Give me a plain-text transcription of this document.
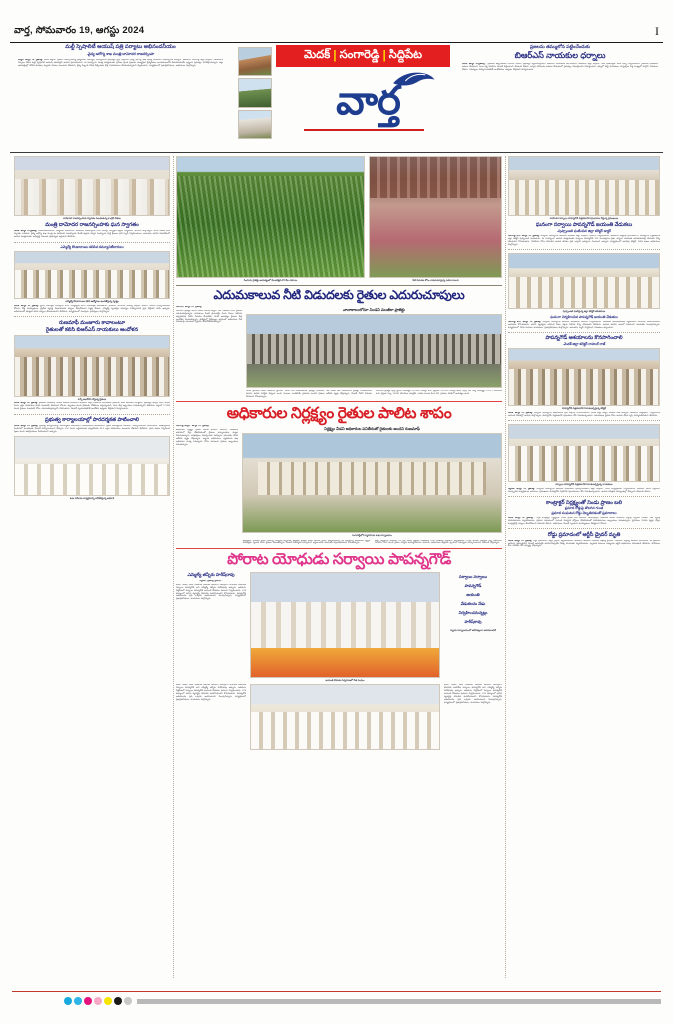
వార్త, సోమవారం 19, ఆగస్టు 2024	I
మల్టీ స్పెషాలిటీ ఆయుష్ పత్రి పర్యాటు అభినందనీయం
-వైద్య ఆరోగ్య శాఖ మంత్రి దామోదర రాజనర్సింహ
న్యూస్‌, ఆగస్టు 18, ప్రజాశక్తి: మెదక్‌ జిల్లాలో ప్రజలు ఎదుర్కొంటున్న వైద్యసేవల సమస్యల పరిష్కారానికి ప్రభుత్వం కృషి చేస్తోందని వైద్య ఆరోగ్య శాఖ మంత్రి దామోదర రాజనర్సింహ అన్నారు. ఆదివారం సంగారెడ్డి జిల్లా కేంద్రంలో నూతనంగా ఏర్పాటు చేసిన మల్టీ స్పెషాలిటీ ఆయుష్ ఆసుపత్రిని ఆయన ప్రారంభించారు. ఈ సందర్భంగా మంత్రి మాట్లాడుతూ గ్రామీణ ప్రాంత ప్రజలకు నాణ్యమైన వైద్యసేవలు అందుబాటులోకి తీసుకురావడమే లక్ష్యంగా ప్రభుత్వం పనిచేస్తోందన్నారు. జిల్లా ఆసుపత్రుల్లో మౌలిక వసతుల కల్పనకు నిధులు మంజూరు చేశామని, వైద్య సిబ్బంది కొరత తీర్చేందుకు కొత్త నియామకాలు చేపడుతున్నామని వెల్లడించారు. కార్యక్రమంలో ప్రజాప్రతినిధులు, అధికారులు పాల్గొన్నారు.
మెదక్ | సంగారెడ్డి | సిద్దిపేట
వార్త
ప్రజలను తమ్ములోన పట్టించేందుకు
బిఆర్ఎస్ నాయకుల ధర్నాలు
మెదక్‌, ఆగస్టు 18,ప్రజాశక్తి : ప్రజలను ఇబ్బందులకు గురిచేసే విధంగా ప్రభుత్వం వ్యవహరిస్తోందని బిఆర్ఎస్ నాయకులు ఆరోపించారు. ఆదివారం జిల్లా కేంద్రంలో పలు డిమాండ్లతో వారు ధర్నా నిర్వహించారు. రైతులకు రుణమాఫీ అమలు చేయాలని, పంట నష్ట పరిహారం వెంటనే చెల్లించాలని డిమాండ్‌ చేశారు. ఇచ్చిన హామీలను అమలు చేయడంలో ప్రభుత్వం విఫలమైందని విమర్శించారు. ధర్నాలో పార్టీ నాయకులు, కార్యకర్తలు పెద్ద సంఖ్యలో పాల్గొని నినాదాలు చేశారు. సమస్యలు పరిష్కరించకపోతే ఆందోళనలు ఉధృతం చేస్తామని హెచ్చరించారు.
దామోదర రాజనర్సింహకు స్వాగతం పలుకుతున్న కాంగ్రెస్‌ నేతలు
మంత్రి దామోదర రాజనర్సింహకు ఘన స్వాగతం
మెదక్‌, ఆగస్టు 18,ప్రజాశక్తి: సమావేశమందిరంలో న్యూనతా మందిరంలో దామోదర రాజనర్సింహ గారు సిరిసిల్ల ఏర్పాటైన జిల్లాల పర్యటనలో భాగంగా పాల్గొన్నారు. వారికి నేతలు ఘన స్వాగతం పలికారు. వైద్య ఆరోగ్య శాఖ మంత్రి ఈ దామోదర రాజనర్సింహ మెదక్‌ జిల్లాకు వచ్చిన సందర్భంగా పార్టీ శ్రేణులు భారీ ర్యాలీ నిర్వహించాయి. అనంతరం జరిగిన సమావేశంలో ఆయన మాట్లాడుతూ అభివృద్ధి పనులకు ప్రాధాన్యత ఇస్తామని తెలిపారు.
ఎమ్మెల్యే కొండాదాంబు కలిసిన కమ్యూనిటీదారులు
ఎమ్మెల్యే కొండాదాంబు కలిసి ఉద్యోగుల అందజేస్తున్న దృశ్యం
మెదక్‌, ఆగస్టు 18, ప్రజాశక్తి: స్థానిక సమస్యల పరిష్కారం కోసం ఎమ్మెల్యేను కలిసి వినతిపత్రం అందజేశారు. గ్రామంలో తాగునీటి సమస్య తీవ్రంగా ఉందని, వెంటనే పరిష్కరించాలని కోరారు. రోడ్ల మరమ్మతులు, డ్రైనేజీ వ్యవస్థ మెరుగుదలకు చర్యలు తీసుకోవాలని విజ్ఞప్తి చేశారు. ఎమ్మెల్యే స్పందిస్తూ సమస్యల పరిష్కారానికి కృషి చేస్తానని హామీ ఇచ్చారు. అధికారులతో మాట్లాడి తగిన చర్యలు తీసుకుంటానని తెలిపారు. కార్యక్రమంలో పలువురు గ్రామస్తులు పాల్గొన్నారు.
రుణమాఫీ మంజూరు కావాలంటూ
రైతులతో కలిసి బిఆర్ఎస్ నాయకులు ఆందోళన
కాన్సీ ఆందోళన చేస్తున్న రైతులు
మెదక్‌, ఆగస్టు 18, ప్రజాశక్తి: రైతులకు రుణమాఫీ వెంటనే అమలు చేయాలని డిమాండ్‌ చేస్తూ బిఆర్ఎస్ నాయకులు రైతులతో కలిసి ఆందోళన చేపట్టారు. ప్రభుత్వం ఇచ్చిన హామీ మేరకు రెండు లక్షల రూపాయల వరకు రుణమాఫీ చేయాలని కోరారు. బ్యాంకుల నుంచి రైతులకు నోటీసులు వస్తున్నాయని, వారు తీవ్ర ఇబ్బందులు పడుతున్నారని తెలిపారు. జిల్లాలో 17,993 మంది రైతులు రుణమాఫీ కోసం ఎదురుచూస్తున్నారని వివరించారు. వెంటనే స్పందించకపోతే ఆందోళన ఉధృతం చేస్తామని హెచ్చరించారు.
ప్రభుత్వ కార్యాలయాల్లో పారదర్శకత పాటించాలి
మెదక్‌, ఆగస్టు 18, ప్రజాశక్తి: ప్రభుత్వ కార్యాలయాల్లో పారదర్శకత పాటించాలని అధికారులను ఆదేశించారు. ప్రజల సమస్యలను సకాలంలో పరిష్కరించాలని సూచించారు. దరఖాస్తులను పెండింగ్‌లో ఉంచకుండా వెంటనే పరిష్కరించాలని చెప్పారు. 410 మంది లబ్ధిదారులకు ఇప్పటివరకు 60.3 లక్షల రూపాయలు మంజూరు చేశామని తెలిపారు. గ్రామ సభలు నిర్వహించి ప్రజల నుంచి అభిప్రాయాలు సేకరించాలని అన్నారు.
ఓటు నమోదు కార్యక్రమాన్ని పరిశీలిస్తున్న అధికారి
సింగూరు ప్రాజెక్టు ఆయకట్టులో మొలకెత్తిన 20 వేల ఎకరాలు	నీటి విడుదల కోసం ఎదురుచూస్తున్న ఎడమ కాలువ
ఎదుమకాలువ నీటి విడుదలకు రైతుల ఎదురుచూపులు
సింగూరు, ఆగస్టు 18, ప్రజాశక్తి
సింగూరు ప్రాజెక్టు నుంచి ఎడమ కాలువ ద్వారా నీటి విడుదల కోసం రైతులు ఎదురుచూస్తున్నారు. వానాకాలం సీజన్‌ ప్రారంభమై రెండు నెలలు గడిచినా ఇప్పటివరకు నీటిని విడుదల చేయలేదు. దీంతో ఆయకట్టు రైతులు తీవ్ర ఆందోళన చెందుతున్నారు. ప్రాజెక్టులో నీటిమట్టం తగ్గడంతో అధికారులు నీటి విడుదలపై ఎటువంటి నిర్ణయం తీసుకోలేకపోతున్నారు.
వానాకాలంలోనూ నిండని మంజీరా ప్రాజెక్టు
ఎగువ ప్రాంతాల నుంచి ఆశించిన స్థాయిలో వరద నీరు రాకపోవడంతో ప్రాజెక్టు నిండలేదు. గత ఏడాది ఇదే సమయానికి ప్రాజెక్టు నిండుకుండలా మారగా ఈసారి పరిస్థితి భిన్నంగా ఉంది. పంటలు ఎండిపోయే ప్రమాదం ఉందని రైతులు ఆవేదన వ్యక్తం చేస్తున్నారు. వెంటనే నీటిని విడుదల చేయాలని కోరుతున్నారు.
సింగూరు ప్రాజెక్టు పూర్తి స్థాయి నీటిమట్టం 523.600 మీటర్లు కాగా ప్రస్తుతం 519.990 మీటర్లు ఉంది. పూర్తి నీటి నిల్వ సామర్థ్యం 29.917 టీఎంసీలు కాగా ప్రస్తుత నిల్వ 14.891 టీఎంసీలు మాత్రమే. ఎడమ కాలువ కింద 391 గ్రామాల పరిధిలో ఆయకట్టు ఉంది.
అధికారుల నిర్లక్ష్యం రైతుల పాలిట శాపం
సంగారెడ్డి బ్యూరో, ఆగస్టు 18, ప్రజాశక్తి:
అధికారుల నిర్లక్ష్యం రైతుల పాలిట శాపంగా మారింది. రుణమాఫీ జాబితాలో పేర్లు లేకపోవడంతో రైతులు కార్యాలయాల చుట్టూ తిరుగుతున్నారు. దరఖాస్తులు సమర్పించినా పరిష్కారం లభించడం లేదని ఆవేదన వ్యక్తం చేస్తున్నారు. బ్యాంకు అధికారులు, వ్యవసాయ శాఖ అధికారుల మధ్య సమన్వయ లోపం కారణంగా రైతులు ఇబ్బందులు పడుతున్నారు.
నిర్లక్ష్యం వీడని అధికారుల పనితీరుతో రైతులకు అందని రుణమాఫీ
సంగారెడ్డిలోని వ్యవసాయ శాఖ కార్యాలయం
ఆన్‌లైన్‌లో నమోదు చేసిన వివరాల్లో తప్పులు దొర్లడంతో అర్హులైన రైతులు కూడా జాబితా నుంచి తప్పిపోయారు. ఈ విషయాన్ని అధికారుల దృష్టికి తీసుకెళ్లినా స్పందన లేదని రైతులు చెబుతున్నారు. వెంటనే సమస్యను పరిష్కరించి అర్హులందరికీ రుణమాఫీ వర్తింపజేయాలని కోరుతున్నారు.
జిల్లా వ్యాప్తంగా సుమారు 93 వేల మంది రైతులు రుణమాఫీ కోసం దరఖాస్తు చేసుకోగా ఇప్పటివరకు 57వేల మందికి మాత్రమే లబ్ధి చేకూరింది. మిగిలిన 2300 మంది రైతుల పరిస్థితి అగమ్యగోచరంగా మారింది. అధికారులు తక్షణమే స్పందించి సమస్యను పరిష్కరించాలని డిమాండ్‌ చేస్తున్నారు.
పోరాట యోధుడు సర్వాయి పాపన్నగౌడ్
ఎమ్మెల్యే తన్నీరు హరీష్‌రావు
సిద్దిపేట, ప్రజాశక్తి ప్రతినిధి :
కులం, మతం, జాతి విభేదాలు లేకుండా అందరినీ కలుపుకొని పోరాడిన మహానేత సర్వాయి పాపన్నగౌడ్‌ అని ఎమ్మెల్యే తన్నీరు హరీష్‌రావు అన్నారు. ఆదివారం సిద్దిపేటలో సర్వాయి పాపన్నగౌడ్‌ జయంతి వేడుకలు ఘనంగా నిర్వహించారు. 17వ శతాబ్దంలో బానిస వ్యవస్థపై పోరాడిన మహనీయుడని కొనియాడారు. పాపన్నగౌడ్‌ ఆశయాలను ప్రతి ఒక్కరూ ఆచరించాలని పిలుపునిచ్చారు. కార్యక్రమంలో ప్రజాప్రతినిధులు, నాయకులు పాల్గొన్నారు.
జయంతి వేడుకల నిర్వహణలో నేత సంఘం
సర్వాయి సర్వాయి
పాపన్నగౌడ్
జయంతి
వేడుకలను నేడు
నిర్వహించనున్నట్లు
హరీష్‌రావు
న్యాయ కార్యాలయంలో జరిగినట్లుగా ఆచరణ జరిగే
కులం, మతం, జాతి విభేదాలు లేకుండా అందరినీ కలుపుకొని పోరాడిన మహానేత సర్వాయి పాపన్నగౌడ్‌ అని ఎమ్మెల్యే తన్నీరు హరీష్‌రావు అన్నారు. ఆదివారం సిద్దిపేటలో సర్వాయి పాపన్నగౌడ్‌ జయంతి వేడుకలు ఘనంగా నిర్వహించారు. 17వ శతాబ్దంలో బానిస వ్యవస్థపై పోరాడిన మహనీయుడని కొనియాడారు. పాపన్నగౌడ్‌ ఆశయాలను ప్రతి ఒక్కరూ ఆచరించాలని పిలుపునిచ్చారు. కార్యక్రమంలో ప్రజాప్రతినిధులు, నాయకులు పాల్గొన్నారు.
కులం, మతం, జాతి విభేదాలు లేకుండా అందరినీ కలుపుకొని పోరాడిన మహానేత సర్వాయి పాపన్నగౌడ్‌ అని ఎమ్మెల్యే తన్నీరు హరీష్‌రావు అన్నారు. ఆదివారం సిద్దిపేటలో సర్వాయి పాపన్నగౌడ్‌ జయంతి వేడుకలు ఘనంగా నిర్వహించారు. 17వ శతాబ్దంలో బానిస వ్యవస్థపై పోరాడిన మహనీయుడని కొనియాడారు. పాపన్నగౌడ్‌ ఆశయాలను ప్రతి ఒక్కరూ ఆచరించాలని పిలుపునిచ్చారు. కార్యక్రమంలో ప్రజాప్రతినిధులు, నాయకులు పాల్గొన్నారు.
దామోదర సర్వాయి పాపన్నగౌడ్‌ చిత్రపటానికి పూలమాల వేస్తున్న ప్రముఖులు
ఘనంగా సర్వాయి పాపన్నగౌడ్ జయంతి వేడుకలు
-పుష్పాంజలి ఘటించిన జిల్లా కలెక్టర్ డాక్టర్
సంగారెడ్డి టౌన్‌, ఆగస్టు 18, ప్రజాశక్తి: సర్వాయి పాపన్నగౌడ్ జయంతి వేడుకలు జిల్లా కేంద్రంలో ఘనంగా నిర్వహించారు. ఆదివారం కలెక్టరేట్ ప్రాంగణంలోని పాపన్నగౌడ్ చిత్రపటానికి జిల్లా కలెక్టర్ పుష్పాంజలి ఘటించారు. ఈ సందర్భంగా ఆయన మాట్లాడుతూ సర్వాయి పాపన్నగౌడ్ 374 సంవత్సరాల క్రితం జన్మించి సామాజిక అసమానతలపై పోరాడిన గొప్ప యోధుడని కొనియాడారు. నిరుపేదల కోసం పోరాడిన ఆయన జీవితం ప్రతి ఒక్కరికీ ఆదర్శంగా నిలవాలని అన్నారు. కార్యక్రమంలో అదనపు కలెక్టర్, వివిధ శాఖల అధికారులు పాల్గొన్నారు.
పుష్పాంజలి ఘటిస్తున్న జిల్లా కలెక్టర్‌ తదితరులు
ఘనంగా నిర్వహించిన పాపన్నగౌడ్ జయంతి వేడుకలు
సంగారెడ్డి టౌన్‌, ఆగస్టు 18, ప్రజాశక్తి: సర్వాయి పాపన్నగౌడ్ జయంతి వేడుకలను ఘనంగా నిర్వహించారు. సామాజిక అసమానతలకు వ్యతిరేకంగా పోరాడిన మహనీయుడిగా ఆయనను కొనియాడారు. బానిస వ్యవస్థను ఎదిరించి పేదల పక్షాన నిలిచిన గొప్ప యోధుడని తెలిపారు. ఆయన చూపిన బాటలో నడవాలని యువతకు పిలుపునిచ్చారు. కార్యక్రమంలో వివిధ సంఘాల నాయకులు, ప్రజాప్రతినిధులు పాల్గొన్నారు. అనంతరం ర్యాలీ నిర్వహించి నివాళులు అర్పించారు.
పాపన్నగౌడ్ ఆశయాలను కొనసాగించాలి
-మెదక్ జిల్లా కలెక్టర్ రాహుల్ రాజ్
పాపన్నగౌడ్ చిత్రపటానికి నివాళులర్పిస్తున్న కలెక్టర్
మెదక్‌, ఆగస్టు 18, ప్రజాశక్తి: సర్వాయి పాపన్నగౌడ్ ఆశయాలను ప్రతి ఒక్కరూ కొనసాగించాలని మెదక్ జిల్లా కలెక్టర్ రాహుల్ రాజ్ అన్నారు. ఆదివారం కలెక్టరేట్‌లో నిర్వహించిన జయంతి వేడుకల్లో ఆయన పాల్గొన్నారు. పాపన్నగౌడ్ చిత్రపటానికి పూలమాల వేసి నివాళులర్పించారు. సమసమాజ స్థాపన కోసం ఆయన చేసిన కృషి చిరస్మరణీయమని తెలిపారు.
సర్వాయి పాపన్నగౌడ్ చిత్రపటానికి నివాళులర్పిస్తున్న నాయకులు
సిద్దిపేట, ఆగస్టు 18, ప్రజాశక్తి: సర్వాయి పాపన్నగౌడ్ జయంతి వేడుకలను పురస్కరించుకుని జిల్లా కేంద్రంలో వివిధ కార్యక్రమాలు నిర్వహించారు. ఉదయం నుంచే ర్యాలీలు, సాంస్కృతిక కార్యక్రమాలు జరిగాయి. ప్రముఖులు పాపన్నగౌడ్ విగ్రహానికి పూలమాలలు వేసి నివాళులర్పించారు. ఆయన చరిత్రను పాఠ్యాంశాల్లో చేర్చాలని డిమాండ్ చేశారు.
కాంట్రాక్టర్ నిర్లక్ష్యంతో నిండు ప్రాణం బలి
ప్రమాద రోడ్డుపై తొలగిన గుంత
ప్రమాద సంఘటన రోడ్డు దెబ్బతినడంతో ప్రమాదాలు
మెదక్‌, ఆగస్టు 18, ప్రజాశక్తి : రోడ్డు కాంట్రాక్టర్ నిర్లక్ష్యంతో నిండు ప్రాణం బలి అయింది. అసంపూర్తిగా వదిలేసిన పనుల కారణంగా రోడ్డుపై ఏర్పడిన గుంతలో పడి ద్విచక్ర వాహనదారుడు మృతిచెందాడు. ప్రమాద సమయంలో ఎలాంటి హెచ్చరిక బోర్డులు లేకపోవడంతో వాహనదారులు ఇబ్బందులు పడుతున్నారు. స్థానికులు నిరసన వ్యక్తం చేస్తూ కాంట్రాక్టర్‌పై చర్యలు తీసుకోవాలని డిమాండ్ చేశారు. అధికారులు వెంటనే స్పందించి మరమ్మతులు చేపట్టాలని కోరారు.
రోడ్డు ప్రమాదంలో ఆర్టీసీ డ్రైవర్ మృతి
మెదక్‌, ఆగస్టు 18, ప్రజాశక్తి: రోడ్డు ప్రమాదంలో ఆర్టీసీ డ్రైవర్ మృతిచెందాడు. ఆదివారం ఉదయం విధులకు వెళ్తున్న క్రమంలో ఎదురుగా వస్తున్న వాహనం ఢీకొనడంతో ఈ ప్రమాదం జరిగింది. క్షతగాత్రుడిని వెంటనే ఆసుపత్రికి తరలించినప్పటికీ చికిత్స పొందుతూ మృతిచెందాడు. మృతుడి కుటుంబ సభ్యులకు ఆర్టీసీ అధికారులు సానుభూతి తెలిపారు. పోలీసులు కేసు నమోదు చేసి దర్యాప్తు చేస్తున్నారు.
